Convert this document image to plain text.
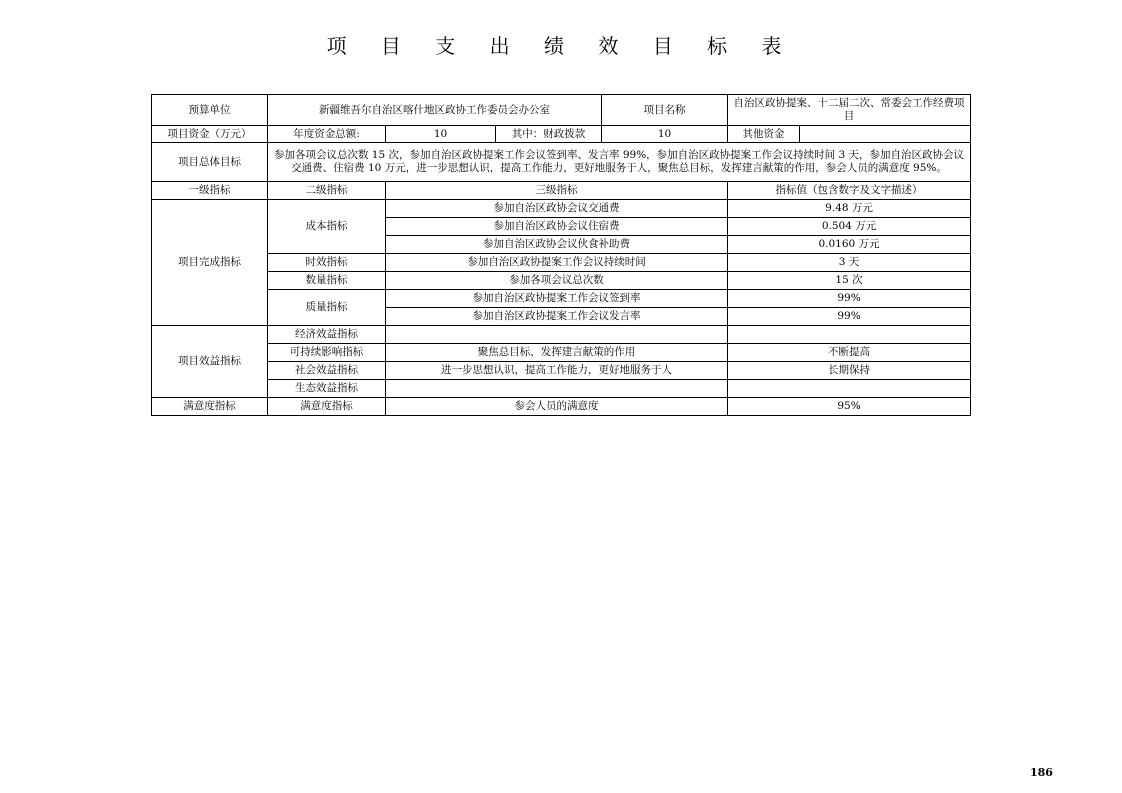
项 目 支 出 绩 效 目 标 表
预算单位	新疆维吾尔自治区喀什地区政协工作委员会办公室			项目名称	自治区政协提案、十二届二次、常委会工作经费项目	
项目资金（万元）	年度资金总额:	10	其中：财政拨款	10	其他资金	
项目总体目标	参加各项会议总次数 15 次，参加自治区政协提案工作会议签到率、发言率 99%，参加自治区政协提案工作会议持续时间 3 天，参加自治区政协会议交通费、住宿费 10 万元，进一步思想认识，提高工作能力，更好地服务于人，聚焦总目标，发挥建言献策的作用，参会人员的满意度 95%。					
一级指标	二级指标	三级指标			指标值（包含数字及文字描述）	
项目完成指标	成本指标	参加自治区政协会议交通费			9.48 万元	
		参加自治区政协会议住宿费			0.504 万元	
		参加自治区政协会议伙食补助费			0.0160 万元	
	时效指标	参加自治区政协提案工作会议持续时间			3 天	
	数量指标	参加各项会议总次数			15 次	
	质量指标	参加自治区政协提案工作会议签到率			99%	
		参加自治区政协提案工作会议发言率			99%	
项目效益指标	经济效益指标					
	可持续影响指标	聚焦总目标，发挥建言献策的作用			不断提高	
	社会效益指标	进一步思想认识，提高工作能力，更好地服务于人			长期保持	
	生态效益指标					
满意度指标	满意度指标	参会人员的满意度			95%	
186
